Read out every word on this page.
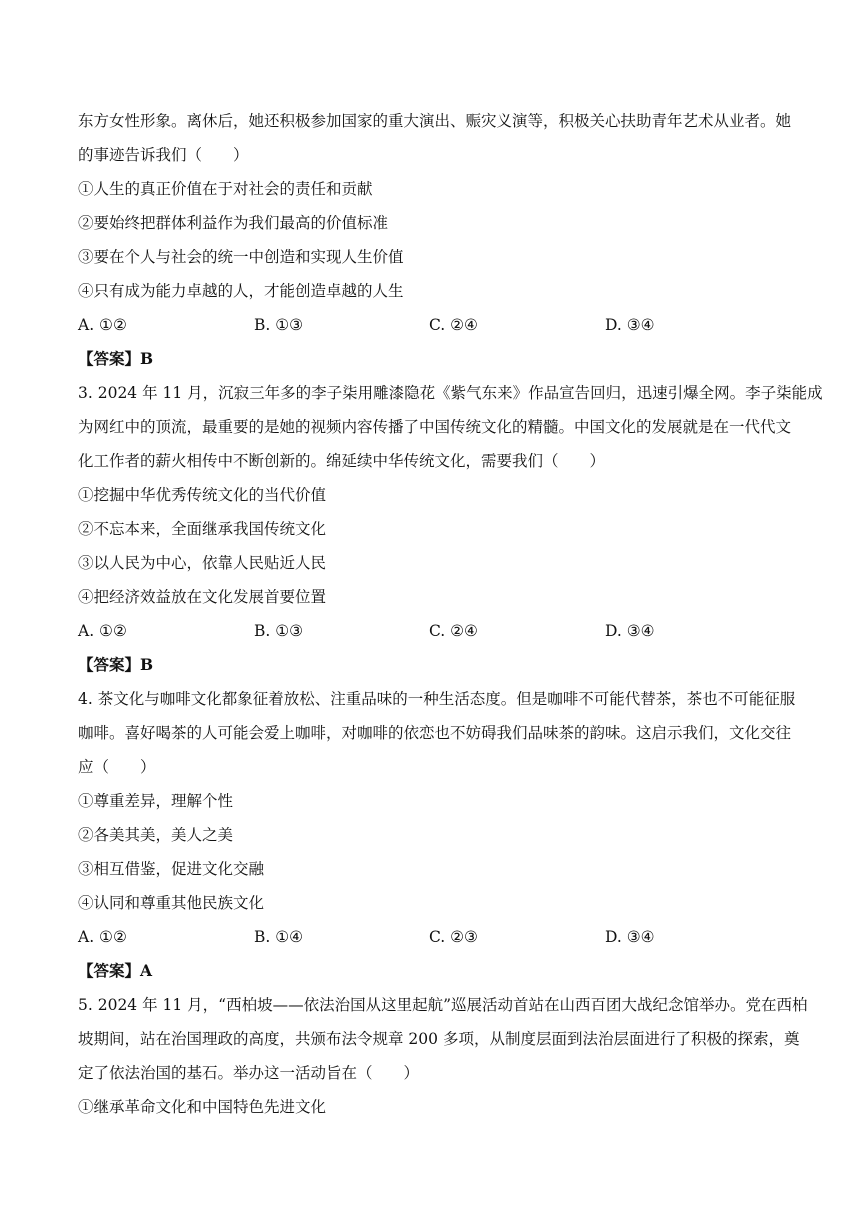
东方女性形象。离休后，她还积极参加国家的重大演出、赈灾义演等，积极关心扶助青年艺术从业者。她
的事迹告诉我们（　　）
①人生的真正价值在于对社会的责任和贡献
②要始终把群体利益作为我们最高的价值标准
③要在个人与社会的统一中创造和实现人生价值
④只有成为能力卓越的人，才能创造卓越的人生
A. ①②	B. ①③	C. ②④	D. ③④
【答案】B
3. 2024 年 11 月，沉寂三年多的李子柒用雕漆隐花《紫气东来》作品宣告回归，迅速引爆全网。李子柒能成
为网红中的顶流，最重要的是她的视频内容传播了中国传统文化的精髓。中国文化的发展就是在一代代文
化工作者的薪火相传中不断创新的。绵延续中华传统文化，需要我们（　　）
①挖掘中华优秀传统文化的当代价值
②不忘本来，全面继承我国传统文化
③以人民为中心，依靠人民贴近人民
④把经济效益放在文化发展首要位置
A. ①②	B. ①③	C. ②④	D. ③④
【答案】B
4. 茶文化与咖啡文化都象征着放松、注重品味的一种生活态度。但是咖啡不可能代替茶，茶也不可能征服
咖啡。喜好喝茶的人可能会爱上咖啡，对咖啡的依恋也不妨碍我们品味茶的韵味。这启示我们，文化交往
应（　　）
①尊重差异，理解个性
②各美其美，美人之美
③相互借鉴，促进文化交融
④认同和尊重其他民族文化
A. ①②	B. ①④	C. ②③	D. ③④
【答案】A
5. 2024 年 11 月，“西柏坡——依法治国从这里起航”巡展活动首站在山西百团大战纪念馆举办。党在西柏
坡期间，站在治国理政的高度，共颁布法令规章 200 多项，从制度层面到法治层面进行了积极的探索，奠
定了依法治国的基石。举办这一活动旨在（　　）
①继承革命文化和中国特色先进文化
